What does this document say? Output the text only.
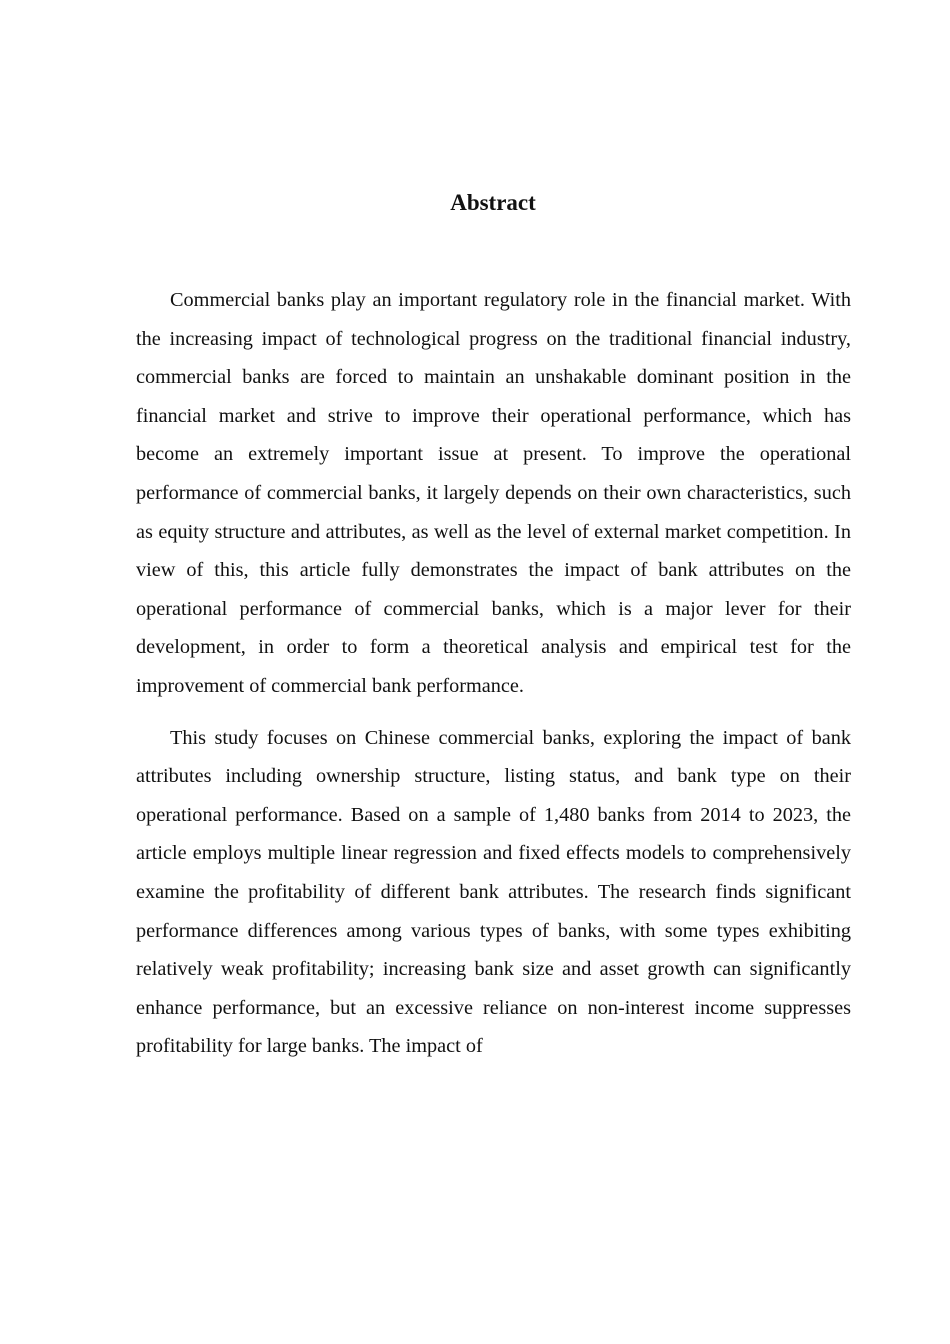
Abstract

Commercial banks play an important regulatory role in the financial market. With the increasing impact of technological progress on the traditional financial industry, commercial banks are forced to maintain an unshakable dominant position in the financial market and strive to improve their operational performance, which has become an extremely important issue at present. To improve the operational performance of commercial banks, it largely depends on their own characteristics, such as equity structure and attributes, as well as the level of external market competition. In view of this, this article fully demonstrates the impact of bank attributes on the operational performance of commercial banks, which is a major lever for their development, in order to form a theoretical analysis and empirical test for the improvement of commercial bank performance.

This study focuses on Chinese commercial banks, exploring the impact of bank attributes including ownership structure, listing status, and bank type on their operational performance. Based on a sample of 1,480 banks from 2014 to 2023, the article employs multiple linear regression and fixed effects models to comprehensively examine the profitability of different bank attributes. The research finds significant performance differences among various types of banks, with some types exhibiting relatively weak profitability; increasing bank size and asset growth can significantly enhance performance, but an excessive reliance on non-interest income suppresses profitability for large banks. The impact of
